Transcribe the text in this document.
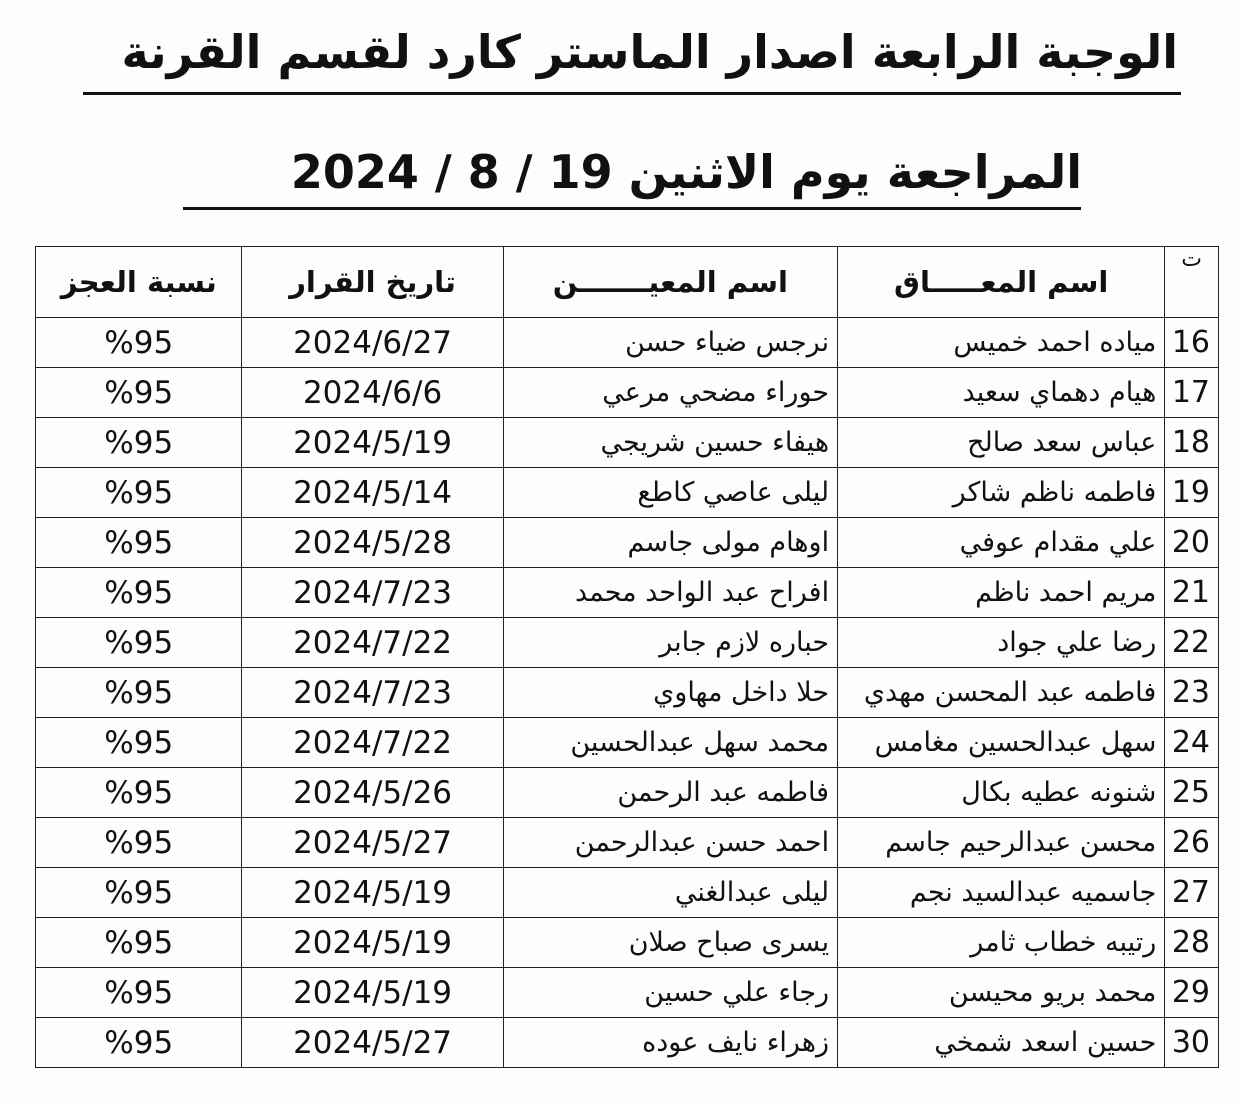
الوجبة الرابعة اصدار الماستر كارد لقسم القرنة
المراجعة يوم الاثنين 19 / 8 / 2024
ت	اسم المعـــــاق	اسم المعيـــــــن	تاريخ القرار	نسبة العجز
16	مياده احمد خميس	نرجس ضياء حسن	2024/6/27	%95
17	هيام دهماي سعيد	حوراء مضحي مرعي	2024/6/6	%95
18	عباس سعد صالح	هيفاء حسين شريجي	2024/5/19	%95
19	فاطمه ناظم شاكر	ليلى عاصي كاطع	2024/5/14	%95
20	علي مقدام عوفي	اوهام مولى جاسم	2024/5/28	%95
21	مريم احمد ناظم	افراح عبد الواحد محمد	2024/7/23	%95
22	رضا علي جواد	حباره لازم جابر	2024/7/22	%95
23	فاطمه عبد المحسن مهدي	حلا داخل مهاوي	2024/7/23	%95
24	سهل عبدالحسين مغامس	محمد سهل عبدالحسين	2024/7/22	%95
25	شنونه عطيه بكال	فاطمه عبد الرحمن	2024/5/26	%95
26	محسن عبدالرحيم جاسم	احمد حسن عبدالرحمن	2024/5/27	%95
27	جاسميه عبدالسيد نجم	ليلى عبدالغني	2024/5/19	%95
28	رتيبه خطاب ثامر	يسرى صباح صلان	2024/5/19	%95
29	محمد بريو محيسن	رجاء علي حسين	2024/5/19	%95
30	حسين اسعد شمخي	زهراء نايف عوده	2024/5/27	%95
